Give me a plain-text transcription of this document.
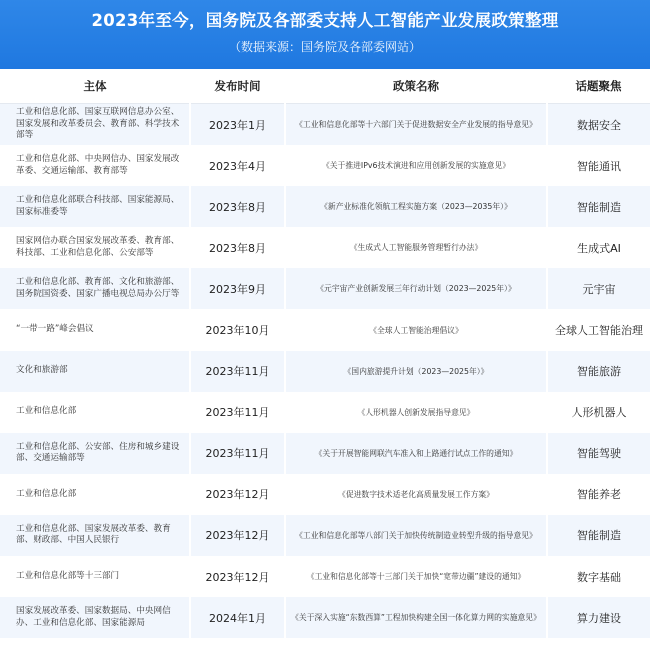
2023年至今，国务院及各部委支持人工智能产业发展政策整理
（数据来源：国务院及各部委网站）
主体	发布时间	政策名称	话题聚焦
工业和信息化部、国家互联网信息办公室、国家发展和改革委员会、教育部、科学技术部等	2023年1月	《工业和信息化部等十六部门关于促进数据安全产业发展的指导意见》	数据安全
工业和信息化部、中央网信办、国家发展改革委、交通运输部、教育部等	2023年4月	《关于推进IPv6技术演进和应用创新发展的实施意见》	智能通讯
工业和信息化部联合科技部、国家能源局、国家标准委等	2023年8月	《新产业标准化领航工程实施方案（2023—2035年）》	智能制造
国家网信办联合国家发展改革委、教育部、科技部、工业和信息化部、公安部等	2023年8月	《生成式人工智能服务管理暂行办法》	生成式AI
工业和信息化部、教育部、文化和旅游部、国务院国资委、国家广播电视总局办公厅等	2023年9月	《元宇宙产业创新发展三年行动计划（2023—2025年）》	元宇宙
“一带一路”峰会倡议	2023年10月	《全球人工智能治理倡议》	全球人工智能治理
文化和旅游部	2023年11月	《国内旅游提升计划（2023—2025年）》	智能旅游
工业和信息化部	2023年11月	《人形机器人创新发展指导意见》	人形机器人
工业和信息化部、公安部、住房和城乡建设部、交通运输部等	2023年11月	《关于开展智能网联汽车准入和上路通行试点工作的通知》	智能驾驶
工业和信息化部	2023年12月	《促进数字技术适老化高质量发展工作方案》	智能养老
工业和信息化部、国家发展改革委、教育部、财政部、中国人民银行	2023年12月	《工业和信息化部等八部门关于加快传统制造业转型升级的指导意见》	智能制造
工业和信息化部等十三部门	2023年12月	《工业和信息化部等十三部门关于加快“宽带边疆”建设的通知》	数字基础
国家发展改革委、国家数据局、中央网信办、工业和信息化部、国家能源局	2024年1月	《关于深入实施“东数西算”工程加快构建全国一体化算力网的实施意见》	算力建设
